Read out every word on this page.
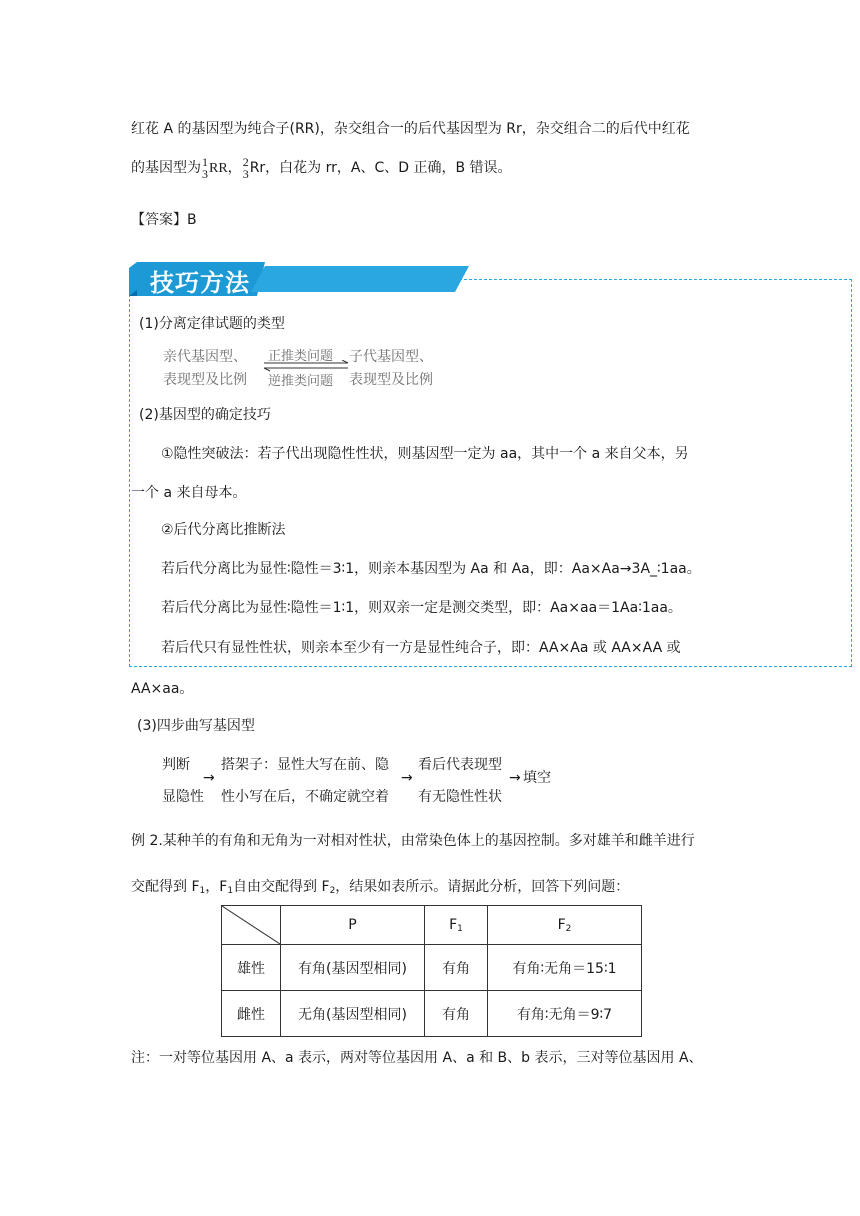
红花 A 的基因型为纯合子(RR)，杂交组合一的后代基因型为 Rr，杂交组合二的后代中红花
的基因型为 1
3 RR， 2
3 Rr，白花为 rr，A、C、D 正确，B 错误。
【答案】B
技巧方法
(1)分离定律试题的类型
亲代基因型、
表现型及比例
正推类问题
逆推类问题
子代基因型、
表现型及比例
(2)基因型的确定技巧
①隐性突破法：若子代出现隐性性状，则基因型一定为 aa，其中一个 a 来自父本，另
一个 a 来自母本。
②后代分离比推断法
若后代分离比为显性∶隐性＝3∶1，则亲本基因型为 Aa 和 Aa，即：Aa×Aa→3A_∶1aa。
若后代分离比为显性∶隐性＝1∶1，则双亲一定是测交类型，即：Aa×aa＝1Aa∶1aa。
若后代只有显性性状，则亲本至少有一方是显性纯合子，即：AA×Aa 或 AA×AA 或
AA×aa。
(3)四步曲写基因型
判断
显隐性
→
搭架子：显性大写在前、隐
性小写在后，不确定就空着
→
看后代表现型
有无隐性性状
→ 填空
例 2.某种羊的有角和无角为一对相对性状，由常染色体上的基因控制。多对雄羊和雌羊进行
交配得到 $F_1$，$F_1$自由交配得到 $F_2$，结果如表所示。请据此分析，回答下列问题：
	P	$F_1$	$F_2$
雄性	有角(基因型相同)	有角	有角∶无角＝15∶1
雌性	无角(基因型相同)	有角	有角∶无角＝9∶7
注：一对等位基因用 A、a 表示，两对等位基因用 A、a 和 B、b 表示，三对等位基因用 A、
